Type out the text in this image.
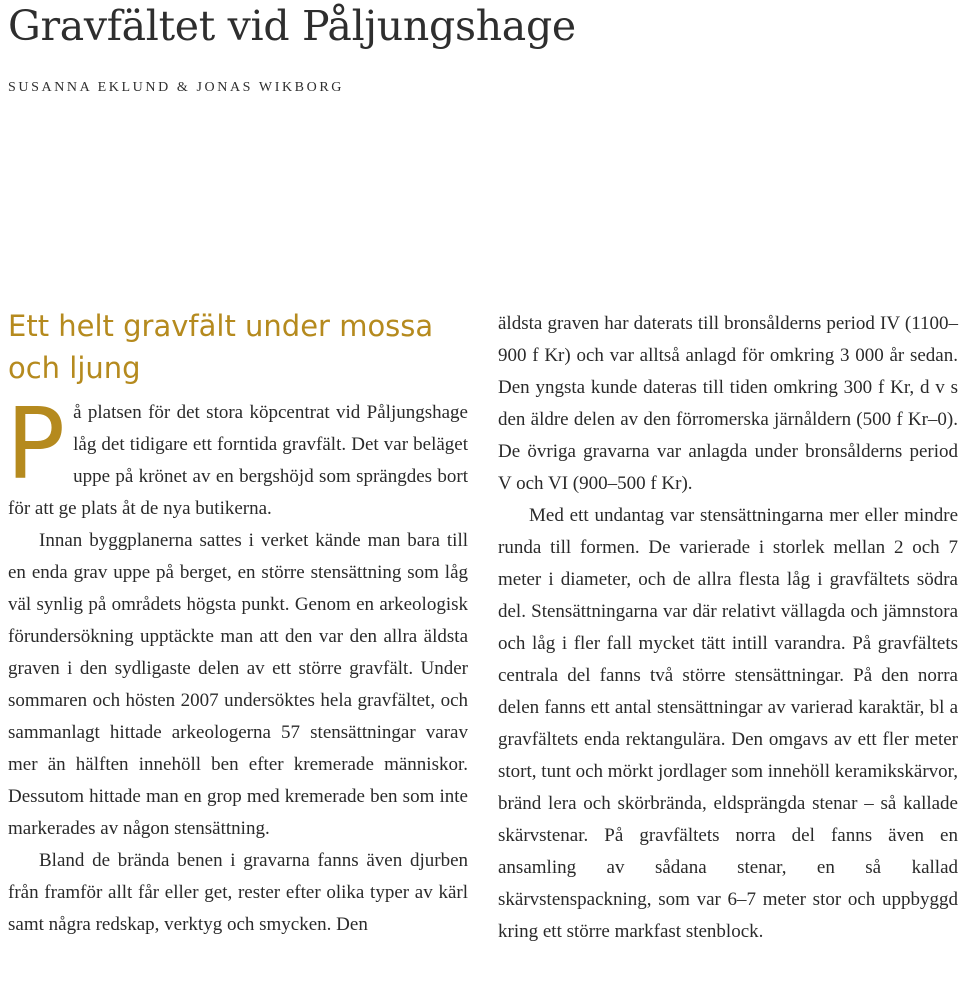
Gravfältet vid Påljungshage
SUSANNA EKLUND & JONAS WIKBORG
Ett helt gravfält under mossa
och ljung

På platsen för det stora köpcentrat vid Påljungshage låg det tidigare ett forntida gravfält. Det var beläget uppe på krönet av en bergshöjd som sprängdes bort för att ge plats åt de nya butikerna.

Innan byggplanerna sattes i verket kände man bara till en enda grav uppe på berget, en större stensättning som låg väl synlig på områdets högsta punkt. Genom en arkeologisk förundersökning upptäckte man att den var den allra äldsta graven i den sydligaste delen av ett större gravfält. Under sommaren och hösten 2007 undersöktes hela gravfältet, och sammanlagt hittade arkeologerna 57 stensättningar varav mer än hälften innehöll ben efter kremerade människor. Dessutom hittade man en grop med kremerade ben som inte markerades av någon stensättning.

Bland de brända benen i gravarna fanns även djurben från framför allt får eller get, rester efter olika typer av kärl samt några redskap, verktyg och smycken. Den

äldsta graven har daterats till bronsålderns period IV (1100–900 f Kr) och var alltså anlagd för omkring 3 000 år sedan. Den yngsta kunde dateras till tiden omkring 300 f Kr, d v s den äldre delen av den förromerska järnåldern (500 f Kr–0). De övriga gravarna var anlagda under bronsålderns period V och VI (900–500 f Kr).

Med ett undantag var stensättningarna mer eller mindre runda till formen. De varierade i storlek mellan 2 och 7 meter i diameter, och de allra flesta låg i gravfältets södra del. Stensättningarna var där relativt vällagda och jämnstora och låg i fler fall mycket tätt intill varandra. På gravfältets centrala del fanns två större stensättningar. På den norra delen fanns ett antal stensättningar av varierad karaktär, bl a gravfältets enda rektangulära. Den omgavs av ett fler meter stort, tunt och mörkt jordlager som innehöll keramikskärvor, bränd lera och skörbrända, eldsprängda stenar – så kallade skärvstenar. På gravfältets norra del fanns även en ansamling av sådana stenar, en så kallad skärvstenspackning, som var 6–7 meter stor och uppbyggd kring ett större markfast stenblock.
